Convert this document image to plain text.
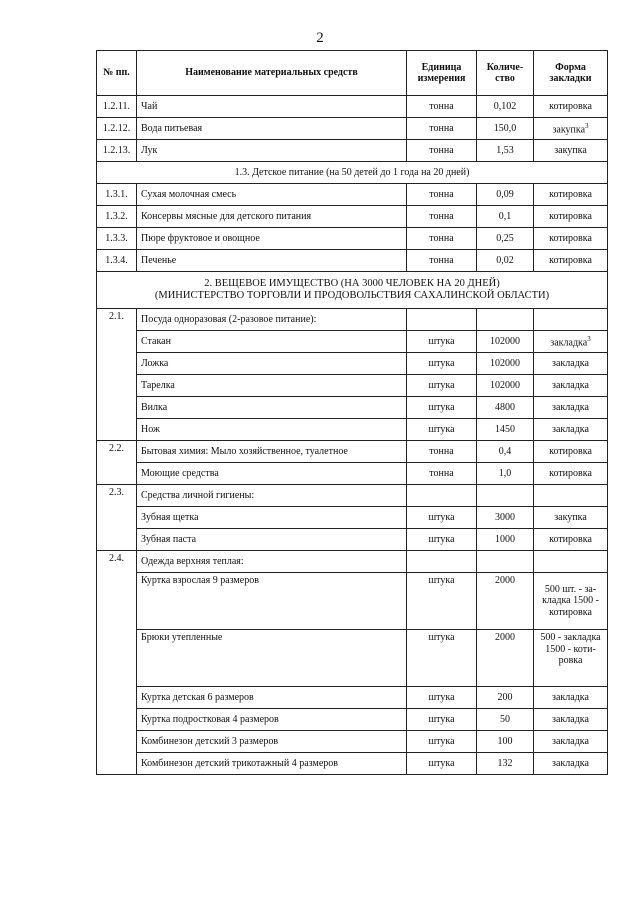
2
№ пп.	Наименование материальных средств	Единица измерения	Количе-ство	Форма закладки
1.2.11.	Чай	тонна	0,102	котировка
1.2.12.	Вода питьевая	тонна	150,0	закупка$^3$
1.2.13.	Лук	тонна	1,53	закупка
1.3. Детское питание (на 50 детей до 1 года на 20 дней)				
1.3.1.	Сухая молочная смесь	тонна	0,09	котировка
1.3.2.	Консервы мясные для детского питания	тонна	0,1	котировка
1.3.3.	Пюре фруктовое и овощное	тонна	0,25	котировка
1.3.4.	Печенье	тонна	0,02	котировка

2. ВЕЩЕВОЕ ИМУЩЕСТВО (НА 3000 ЧЕЛОВЕК НА 20 ДНЕЙ)
(МИНИСТЕРСТВО ТОРГОВЛИ И ПРОДОВОЛЬСТВИЯ САХАЛИНСКОЙ ОБЛАСТИ)				

2.1.	Посуда одноразовая (2-разовое питание):			
	Стакан	штука	102000	закладка$^3$
	Ложка	штука	102000	закладка
	Тарелка	штука	102000	закладка
	Вилка	штука	4800	закладка
	Нож	штука	1450	закладка
2.2.	Бытовая химия: Мыло хозяйственное, туалетное	тонна	0,4	котировка
	Моющие средства	тонна	1,0	котировка
2.3.	Средства личной гигиены:			
	Зубная щетка	штука	3000	закупка
	Зубная паста	штука	1000	котировка
2.4.	Одежда верхняя теплая:			
	Куртка взрослая 9 размеров	штука	2000	500 шт. - за-кладка 1500 - котировка
	Брюки утепленные	штука	2000	500 - закладка 1500 - коти-ровка
	Куртка детская 6 размеров	штука	200	закладка
	Куртка подростковая 4 размеров	штука	50	закладка
	Комбинезон детский 3 размеров	штука	100	закладка
	Комбинезон детский трикотажный 4 размеров	штука	132	закладка
